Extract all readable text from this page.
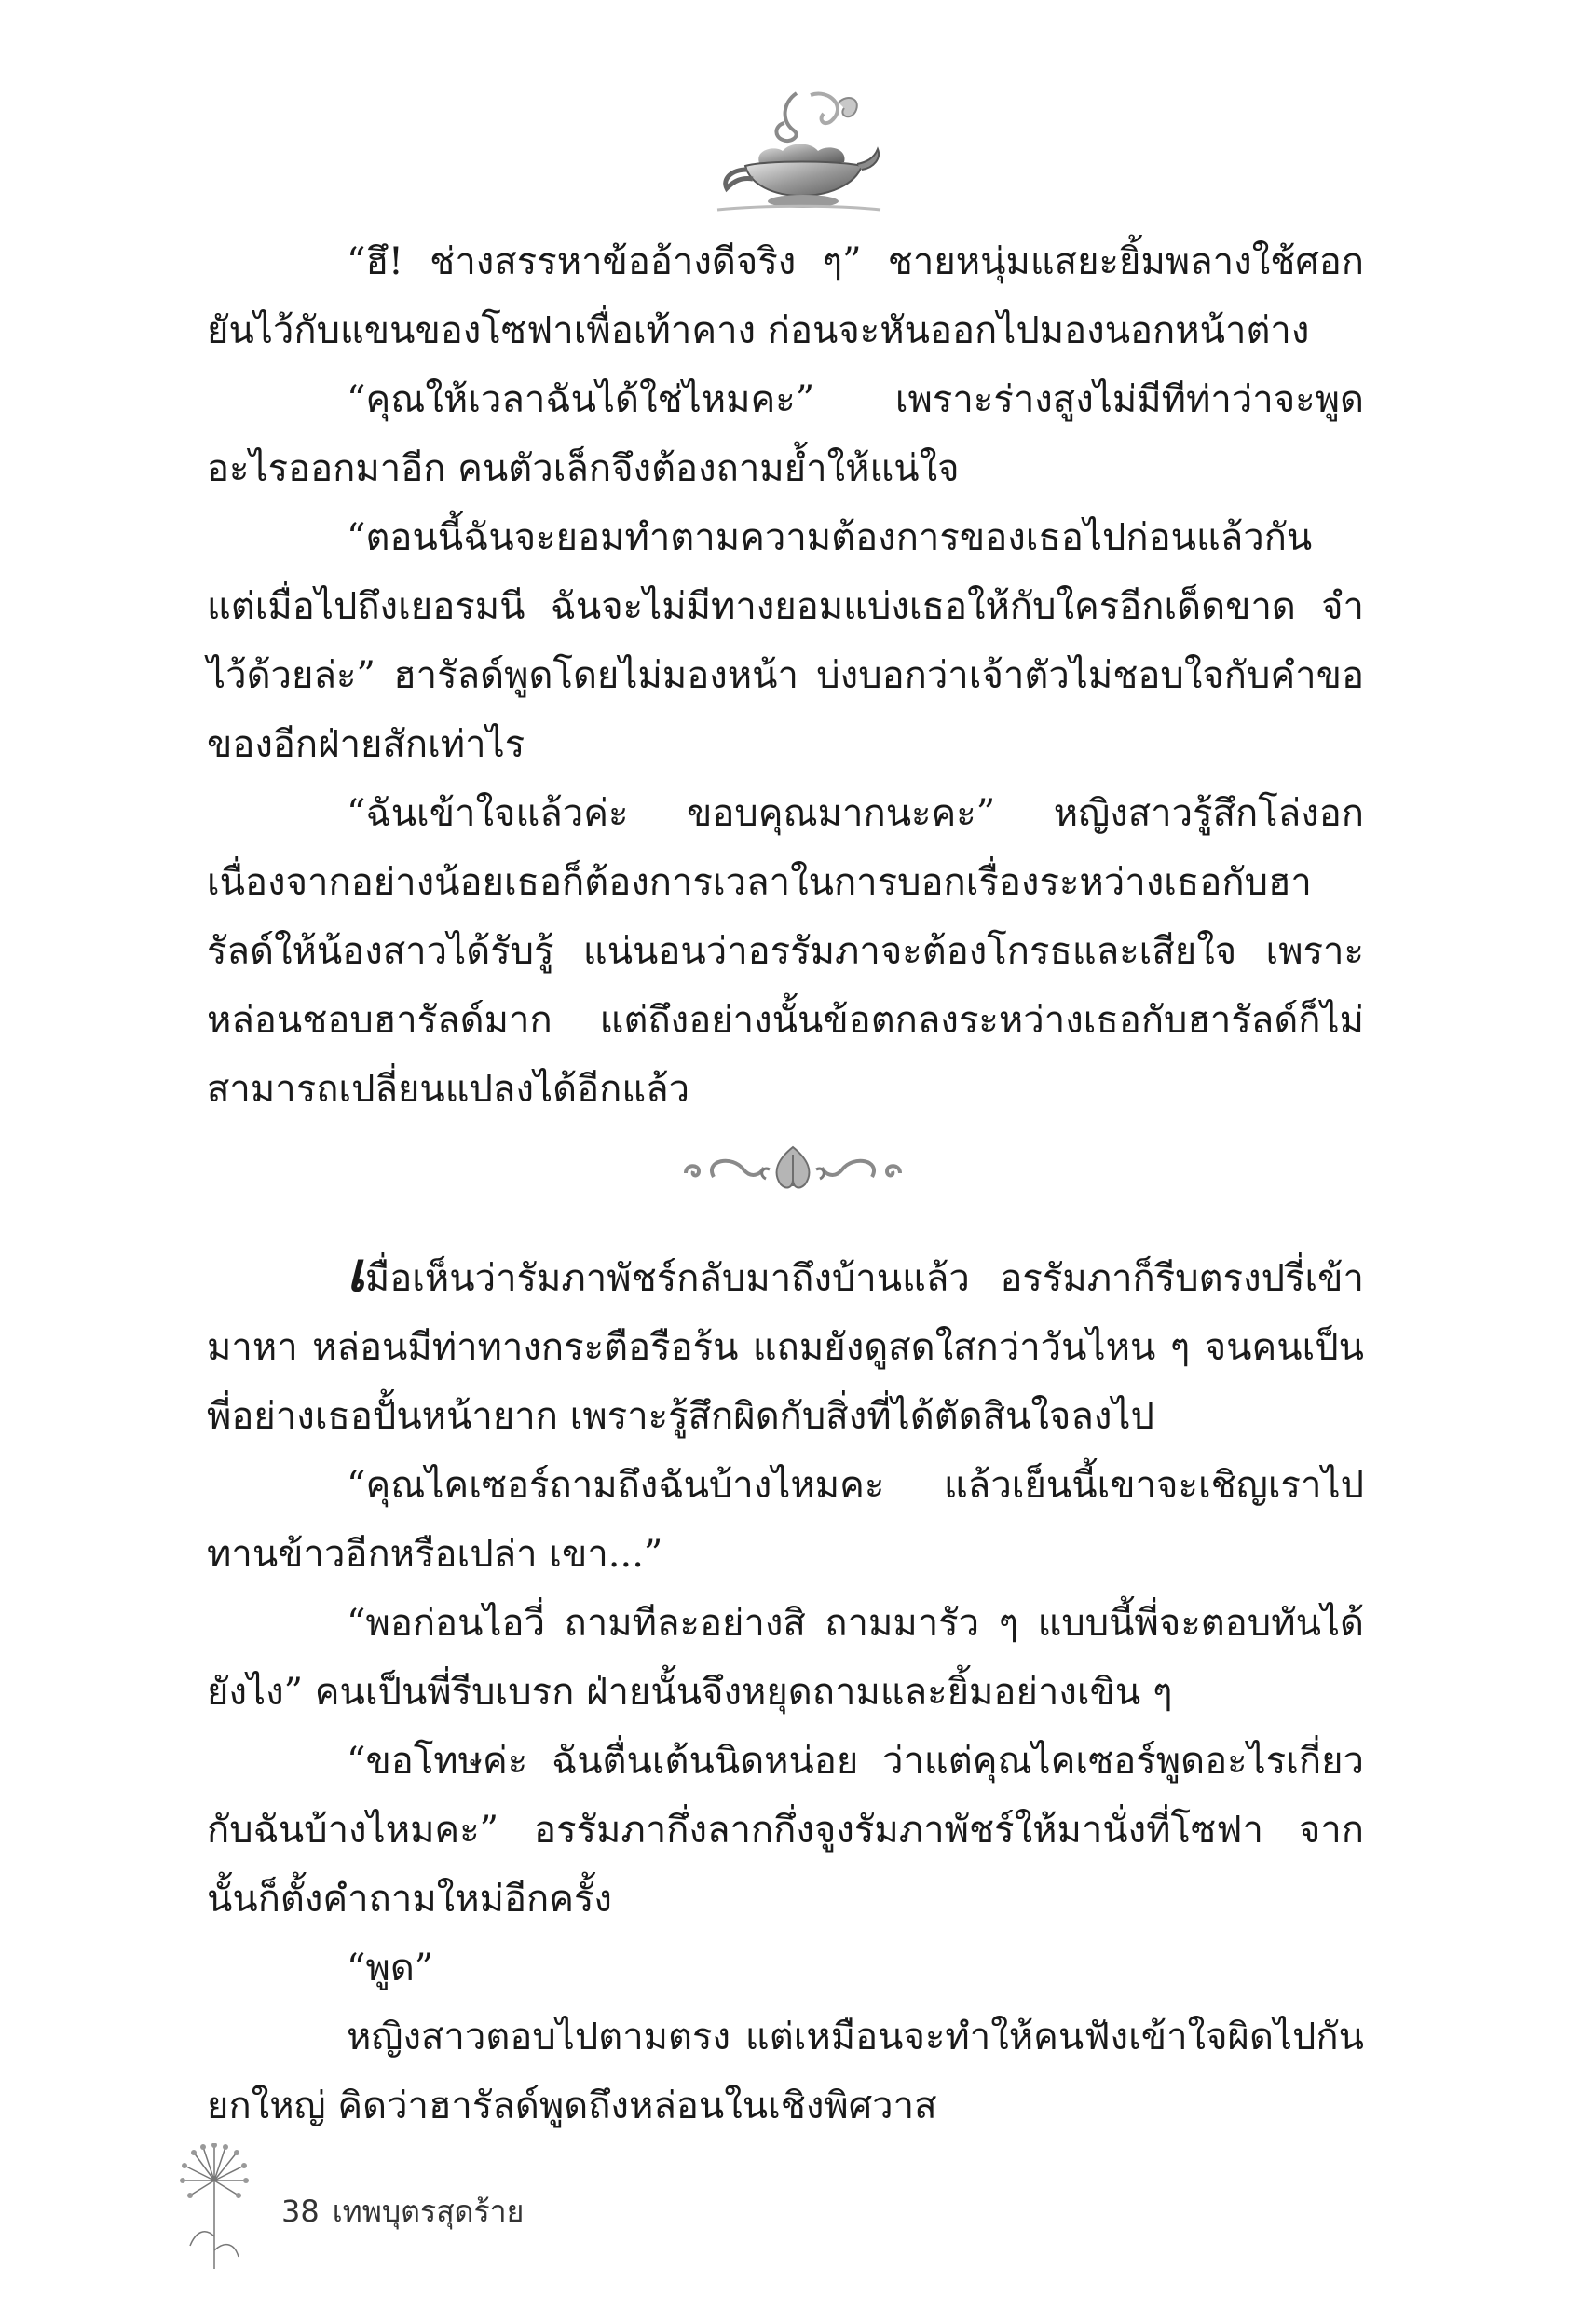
“ฮึ! ช่างสรรหาข้ออ้างดีจริง ๆ” ชายหนุ่มแสยะยิ้มพลางใช้ศอกยันไว้กับแขนของโซฟาเพื่อเท้าคาง ก่อนจะหันออกไปมองนอกหน้าต่าง

“คุณให้เวลาฉันได้ใช่ไหมคะ” เพราะร่างสูงไม่มีทีท่าว่าจะพูดอะไรออกมาอีก คนตัวเล็กจึงต้องถามย้ำให้แน่ใจ

“ตอนนี้ฉันจะยอมทำตามความต้องการของเธอไปก่อนแล้วกัน แต่เมื่อไปถึงเยอรมนี ฉันจะไม่มีทางยอมแบ่งเธอให้กับใครอีกเด็ดขาด จำไว้ด้วยล่ะ” ฮารัลด์พูดโดยไม่มองหน้า บ่งบอกว่าเจ้าตัวไม่ชอบใจกับคำขอของอีกฝ่ายสักเท่าไร

“ฉันเข้าใจแล้วค่ะ ขอบคุณมากนะคะ” หญิงสาวรู้สึกโล่งอก เนื่องจากอย่างน้อยเธอก็ต้องการเวลาในการบอกเรื่องระหว่างเธอกับฮารัลด์ให้น้องสาวได้รับรู้ แน่นอนว่าอรรัมภาจะต้องโกรธและเสียใจ เพราะหล่อนชอบฮารัลด์มาก แต่ถึงอย่างนั้นข้อตกลงระหว่างเธอกับฮารัลด์ก็ไม่สามารถเปลี่ยนแปลงได้อีกแล้ว

เมื่อเห็นว่ารัมภาพัชร์กลับมาถึงบ้านแล้ว อรรัมภาก็รีบตรงปรี่เข้ามาหา หล่อนมีท่าทางกระตือรือร้น แถมยังดูสดใสกว่าวันไหน ๆ จนคนเป็นพี่อย่างเธอปั้นหน้ายาก เพราะรู้สึกผิดกับสิ่งที่ได้ตัดสินใจลงไป

“คุณไคเซอร์ถามถึงฉันบ้างไหมคะ แล้วเย็นนี้เขาจะเชิญเราไปทานข้าวอีกหรือเปล่า เขา...”

“พอก่อนไอวี่ ถามทีละอย่างสิ ถามมารัว ๆ แบบนี้พี่จะตอบทันได้ยังไง” คนเป็นพี่รีบเบรก ฝ่ายนั้นจึงหยุดถามและยิ้มอย่างเขิน ๆ

“ขอโทษค่ะ ฉันตื่นเต้นนิดหน่อย ว่าแต่คุณไคเซอร์พูดอะไรเกี่ยวกับฉันบ้างไหมคะ” อรรัมภากึ่งลากกึ่งจูงรัมภาพัชร์ให้มานั่งที่โซฟา จากนั้นก็ตั้งคำถามใหม่อีกครั้ง

“พูด”

หญิงสาวตอบไปตามตรง แต่เหมือนจะทำให้คนฟังเข้าใจผิดไปกันยกใหญ่ คิดว่าฮารัลด์พูดถึงหล่อนในเชิงพิศวาส

38 เทพบุตรสุดร้าย
